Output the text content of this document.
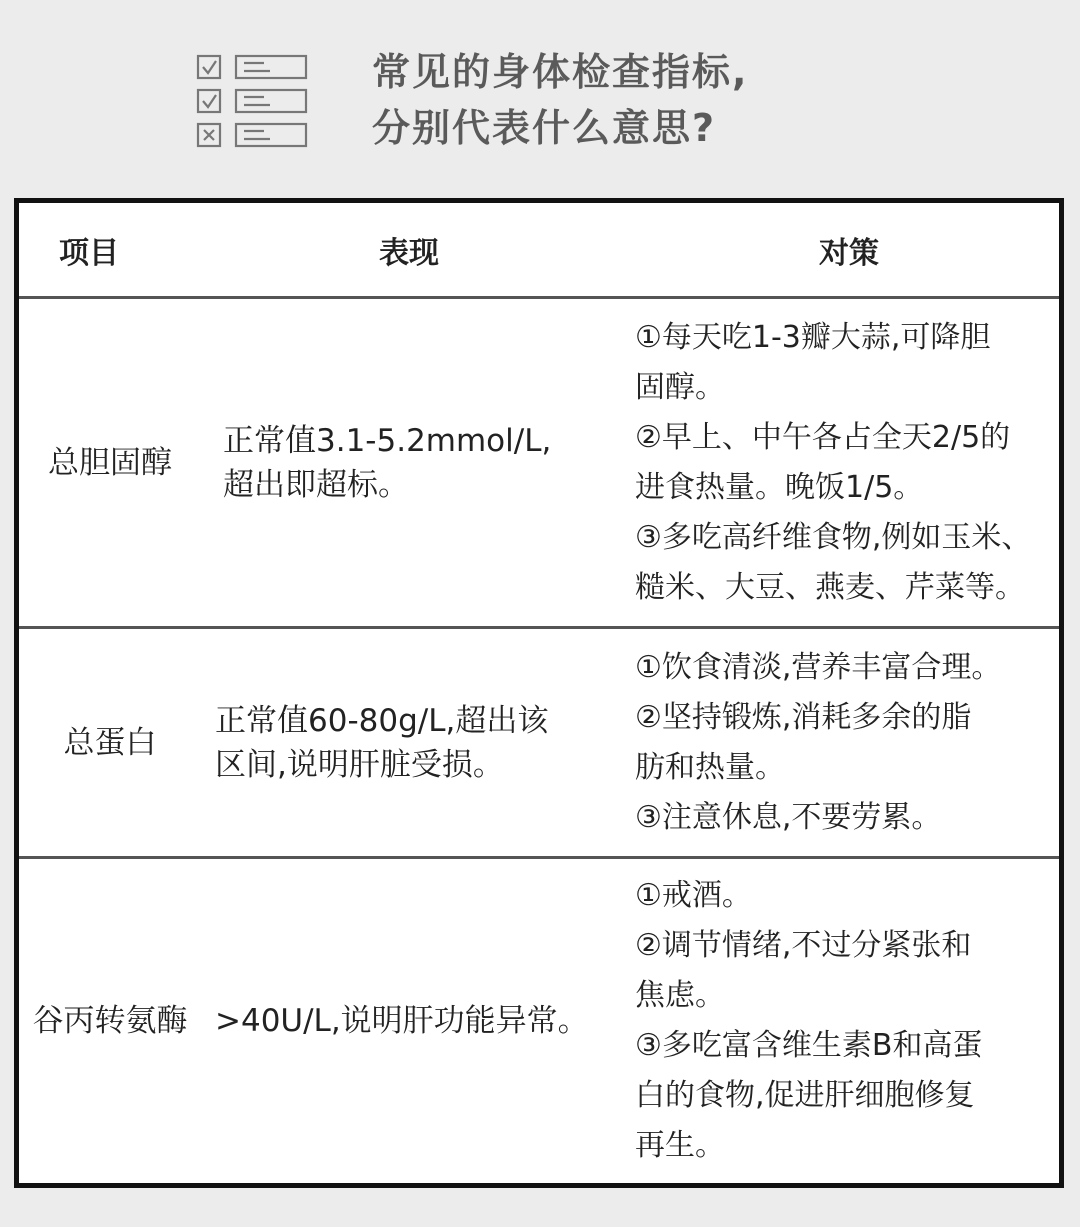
常见的身体检查指标,
分别代表什么意思?
项目	表现	对策
总胆固醇
正常值3.1-5.2mmol/L,
超出即超标。
①每天吃1-3瓣大蒜,可降胆
固醇。
②早上、中午各占全天2/5的
进食热量。晚饭1/5。
③多吃高纤维食物,例如玉米、
糙米、大豆、燕麦、芹菜等。
总蛋白
正常值60-80g/L,超出该
区间,说明肝脏受损。
①饮食清淡,营养丰富合理。
②坚持锻炼,消耗多余的脂
肪和热量。
③注意休息,不要劳累。
谷丙转氨酶 >40U/L,说明肝功能异常。
①戒酒。
②调节情绪,不过分紧张和
焦虑。
③多吃富含维生素B和高蛋
白的食物,促进肝细胞修复
再生。
